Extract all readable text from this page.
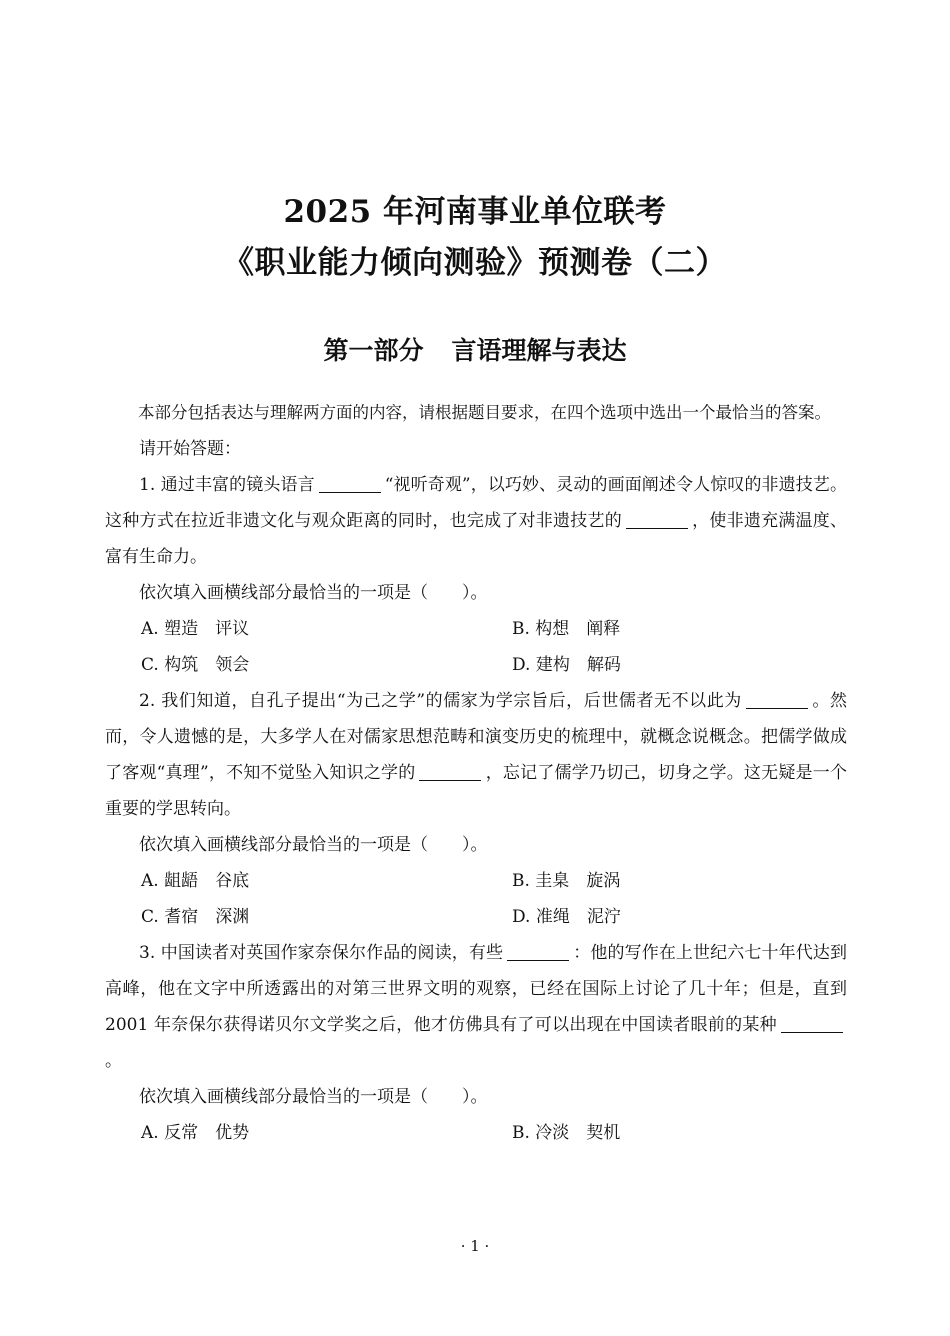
2025 年河南事业单位联考
《职业能力倾向测验》预测卷（二）
第一部分 言语理解与表达

本部分包括表达与理解两方面的内容，请根据题目要求，在四个选项中选出一个最恰当的答案。

请开始答题：

1. 通过丰富的镜头语言	“视听奇观”，以巧妙、灵动的画面阐述令人惊叹的非遗技艺。这种方式在拉近非遗文化与观众距离的同时，也完成了对非遗技艺的	，使非遗充满温度、富有生命力。

依次填入画横线部分最恰当的一项是（　　）。

A. 塑造　评议	B. 构想　阐释
C. 构筑　领会	D. 建构　解码

2. 我们知道，自孔子提出“为己之学”的儒家为学宗旨后，后世儒者无不以此为	。然而，令人遗憾的是，大多学人在对儒家思想范畴和演变历史的梳理中，就概念说概念。把儒学做成了客观“真理”，不知不觉坠入知识之学的	，忘记了儒学乃切己，切身之学。这无疑是一个重要的学思转向。

依次填入画横线部分最恰当的一项是（　　）。

A. 龃龉　谷底	B. 圭臬　旋涡
C. 耆宿　深渊	D. 准绳　泥泞

3. 中国读者对英国作家奈保尔作品的阅读，有些	：他的写作在上世纪六七十年代达到高峰，他在文字中所透露出的对第三世界文明的观察，已经在国际上讨论了几十年；但是，直到 2001 年奈保尔获得诺贝尔文学奖之后，他才仿佛具有了可以出现在中国读者眼前的某种。

依次填入画横线部分最恰当的一项是（　　）。

A. 反常　优势	B. 冷淡　契机
· 1 ·
